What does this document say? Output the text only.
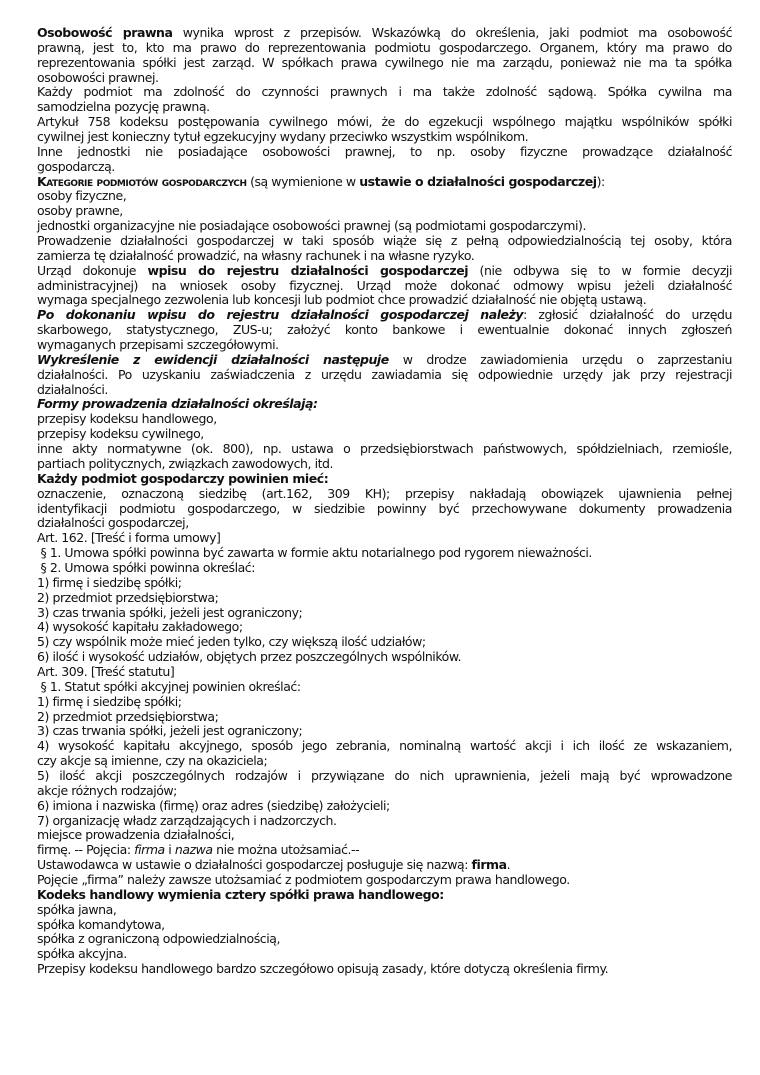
Osobowość prawna wynika wprost z przepisów. Wskazówką do określenia, jaki podmiot ma osobowość
prawną, jest to, kto ma prawo do reprezentowania podmiotu gospodarczego. Organem, który ma prawo do
reprezentowania spółki jest zarząd. W spółkach prawa cywilnego nie ma zarządu, ponieważ nie ma ta spółka
osobowości prawnej.
Każdy podmiot ma zdolność do czynności prawnych i ma także zdolność sądową. Spółka cywilna ma
samodzielna pozycję prawną.
Artykuł 758 kodeksu postępowania cywilnego mówi, że do egzekucji wspólnego majątku wspólników spółki
cywilnej jest konieczny tytuł egzekucyjny wydany przeciwko wszystkim wspólnikom.
Inne jednostki nie posiadające osobowości prawnej, to np. osoby fizyczne prowadzące działalność
gospodarczą.
Kategorie podmiotów gospodarczych (są wymienione w ustawie o działalności gospodarczej):
osoby fizyczne,
osoby prawne,
jednostki organizacyjne nie posiadające osobowości prawnej (są podmiotami gospodarczymi).
Prowadzenie działalności gospodarczej w taki sposób wiąże się z pełną odpowiedzialnością tej osoby, która
zamierza tę działalność prowadzić, na własny rachunek i na własne ryzyko.
Urząd dokonuje wpisu do rejestru działalności gospodarczej (nie odbywa się to w formie decyzji
administracyjnej) na wniosek osoby fizycznej. Urząd może dokonać odmowy wpisu jeżeli działalność
wymaga specjalnego zezwolenia lub koncesji lub podmiot chce prowadzić działalność nie objętą ustawą.
Po dokonaniu wpisu do rejestru działalności gospodarczej należy: zgłosić działalność do urzędu
skarbowego, statystycznego, ZUS-u; założyć konto bankowe i ewentualnie dokonać innych zgłoszeń
wymaganych przepisami szczegółowymi.
Wykreślenie z ewidencji działalności następuje w drodze zawiadomienia urzędu o zaprzestaniu
działalności. Po uzyskaniu zaświadczenia z urzędu zawiadamia się odpowiednie urzędy jak przy rejestracji
działalności.
Formy prowadzenia działalności określają:
przepisy kodeksu handlowego,
przepisy kodeksu cywilnego,
inne akty normatywne (ok. 800), np. ustawa o przedsiębiorstwach państwowych, spółdzielniach, rzemiośle,
partiach politycznych, związkach zawodowych, itd.
Każdy podmiot gospodarczy powinien mieć:
oznaczenie, oznaczoną siedzibę (art.162, 309 KH); przepisy nakładają obowiązek ujawnienia pełnej
identyfikacji podmiotu gospodarczego, w siedzibie powinny być przechowywane dokumenty prowadzenia
działalności gospodarczej,
Art. 162. [Treść i forma umowy]
§ 1. Umowa spółki powinna być zawarta w formie aktu notarialnego pod rygorem nieważności.
§ 2. Umowa spółki powinna określać:
1) firmę i siedzibę spółki;
2) przedmiot przedsiębiorstwa;
3) czas trwania spółki, jeżeli jest ograniczony;
4) wysokość kapitału zakładowego;
5) czy wspólnik może mieć jeden tylko, czy większą ilość udziałów;
6) ilość i wysokość udziałów, objętych przez poszczególnych wspólników.
Art. 309. [Treść statutu]
§ 1. Statut spółki akcyjnej powinien określać:
1) firmę i siedzibę spółki;
2) przedmiot przedsiębiorstwa;
3) czas trwania spółki, jeżeli jest ograniczony;
4) wysokość kapitału akcyjnego, sposób jego zebrania, nominalną wartość akcji i ich ilość ze wskazaniem,
czy akcje są imienne, czy na okaziciela;
5) ilość akcji poszczególnych rodzajów i przywiązane do nich uprawnienia, jeżeli mają być wprowadzone
akcje różnych rodzajów;
6) imiona i nazwiska (firmę) oraz adres (siedzibę) założycieli;
7) organizację władz zarządzających i nadzorczych.
miejsce prowadzenia działalności,
firmę. -- Pojęcia: firma i nazwa nie można utożsamiać.--
Ustawodawca w ustawie o działalności gospodarczej posługuje się nazwą: firma.
Pojęcie „firma” należy zawsze utożsamiać z podmiotem gospodarczym prawa handlowego.
Kodeks handlowy wymienia cztery spółki prawa handlowego:
spółka jawna,
spółka komandytowa,
spółka z ograniczoną odpowiedzialnością,
spółka akcyjna.
Przepisy kodeksu handlowego bardzo szczegółowo opisują zasady, które dotyczą określenia firmy.
